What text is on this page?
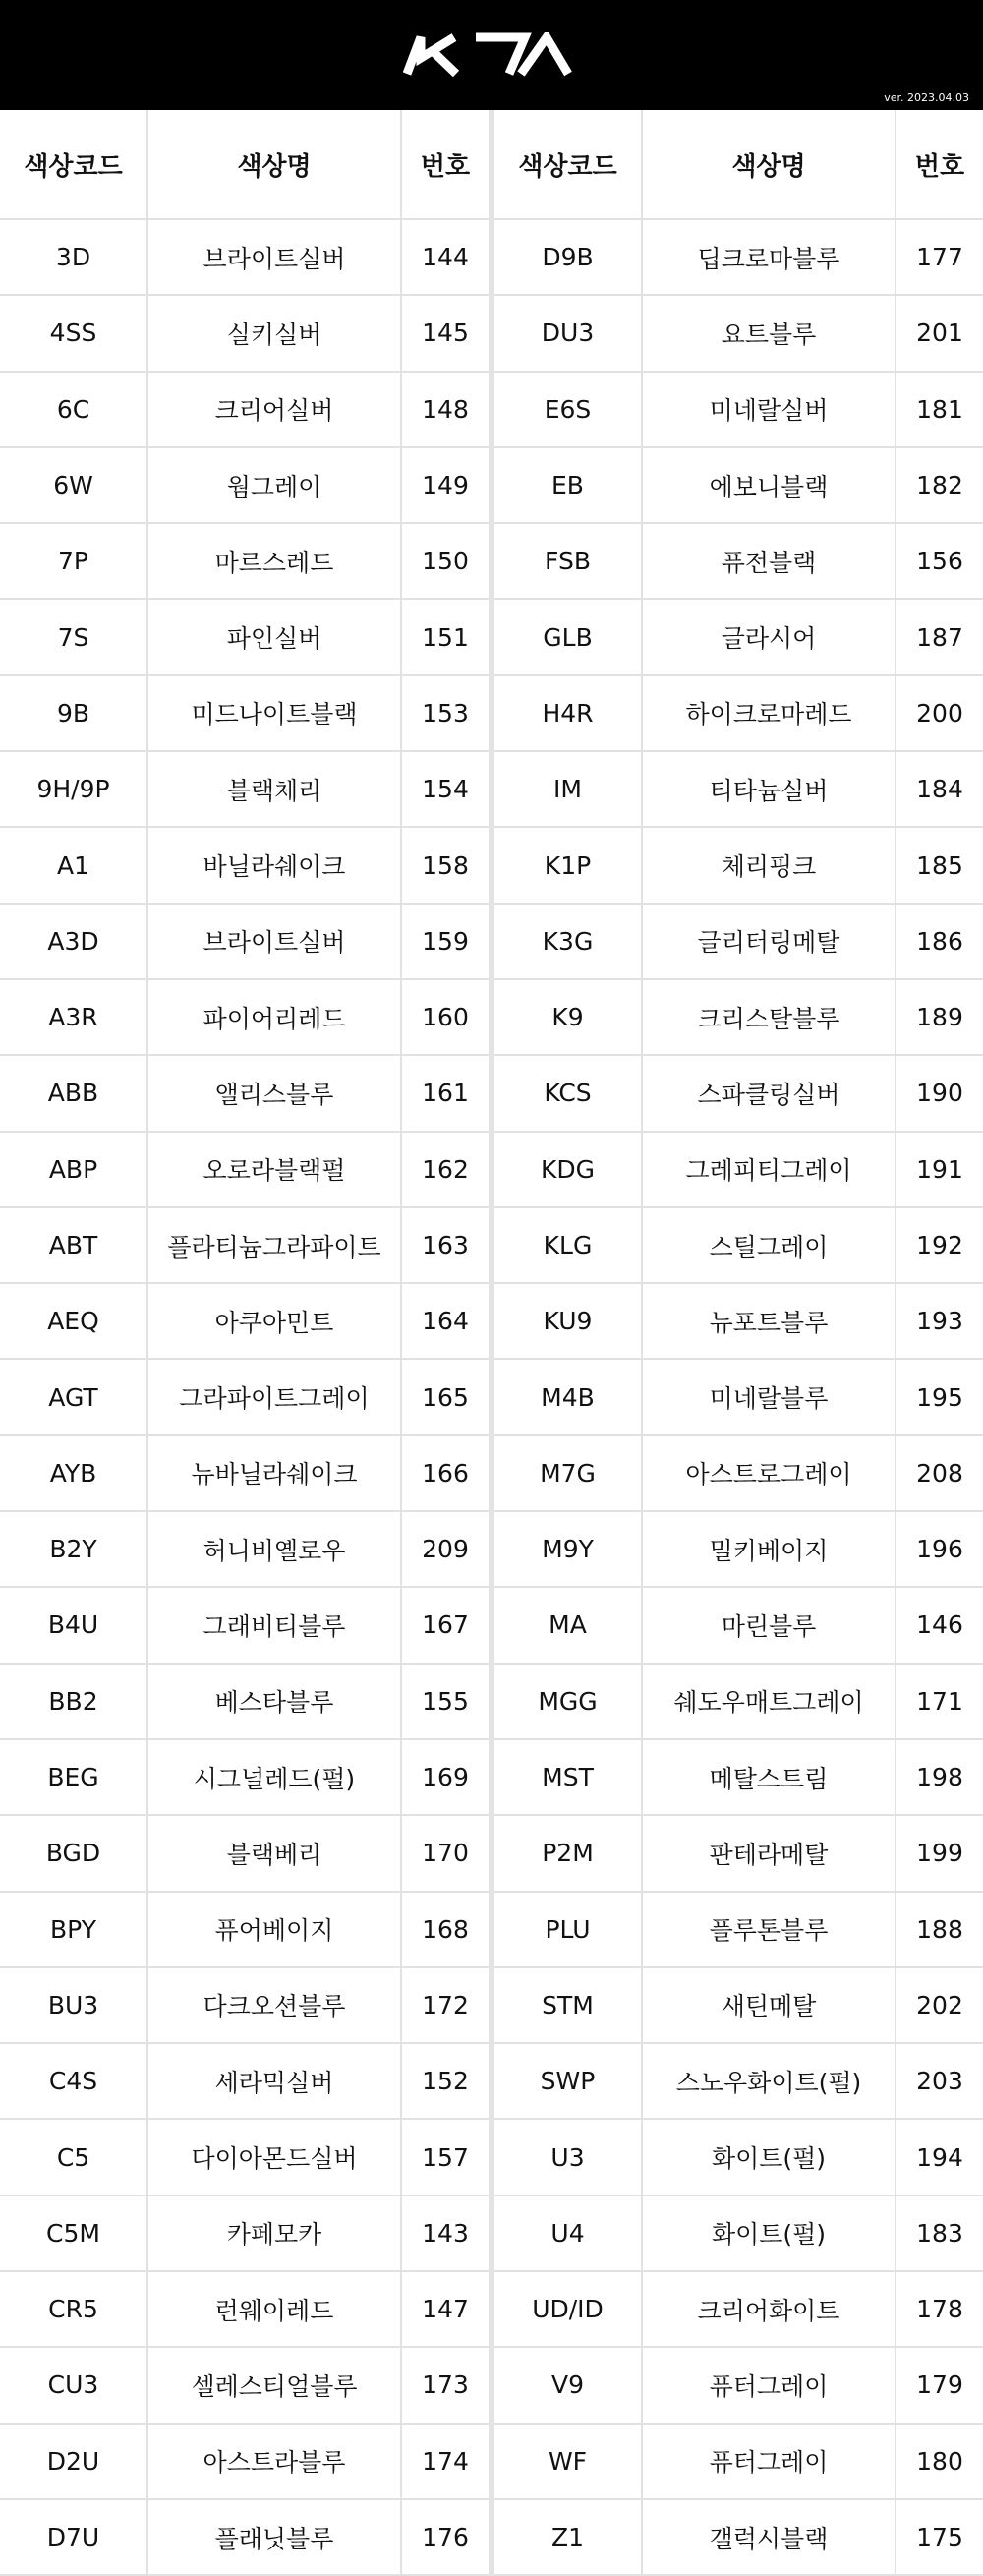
ver. 2023.04.03
색상코드	색상명	번호
3D	브라이트실버	144
4SS	실키실버	145
6C	크리어실버	148
6W	웜그레이	149
7P	마르스레드	150
7S	파인실버	151
9B	미드나이트블랙	153
9H/9P	블랙체리	154
A1	바닐라쉐이크	158
A3D	브라이트실버	159
A3R	파이어리레드	160
ABB	앨리스블루	161
ABP	오로라블랙펄	162
ABT	플라티늄그라파이트	163
AEQ	아쿠아민트	164
AGT	그라파이트그레이	165
AYB	뉴바닐라쉐이크	166
B2Y	허니비옐로우	209
B4U	그래비티블루	167
BB2	베스타블루	155
BEG	시그널레드(펄)	169
BGD	블랙베리	170
BPY	퓨어베이지	168
BU3	다크오션블루	172
C4S	세라믹실버	152
C5	다이아몬드실버	157
C5M	카페모카	143
CR5	런웨이레드	147
CU3	셀레스티얼블루	173
D2U	아스트라블루	174
D7U	플래닛블루	176
색상코드	색상명	번호
D9B	딥크로마블루	177
DU3	요트블루	201
E6S	미네랄실버	181
EB	에보니블랙	182
FSB	퓨전블랙	156
GLB	글라시어	187
H4R	하이크로마레드	200
IM	티타늄실버	184
K1P	체리핑크	185
K3G	글리터링메탈	186
K9	크리스탈블루	189
KCS	스파클링실버	190
KDG	그레피티그레이	191
KLG	스틸그레이	192
KU9	뉴포트블루	193
M4B	미네랄블루	195
M7G	아스트로그레이	208
M9Y	밀키베이지	196
MA	마린블루	146
MGG	쉐도우매트그레이	171
MST	메탈스트림	198
P2M	판테라메탈	199
PLU	플루톤블루	188
STM	새틴메탈	202
SWP	스노우화이트(펄)	203
U3	화이트(펄)	194
U4	화이트(펄)	183
UD/ID	크리어화이트	178
V9	퓨터그레이	179
WF	퓨터그레이	180
Z1	갤럭시블랙	175
